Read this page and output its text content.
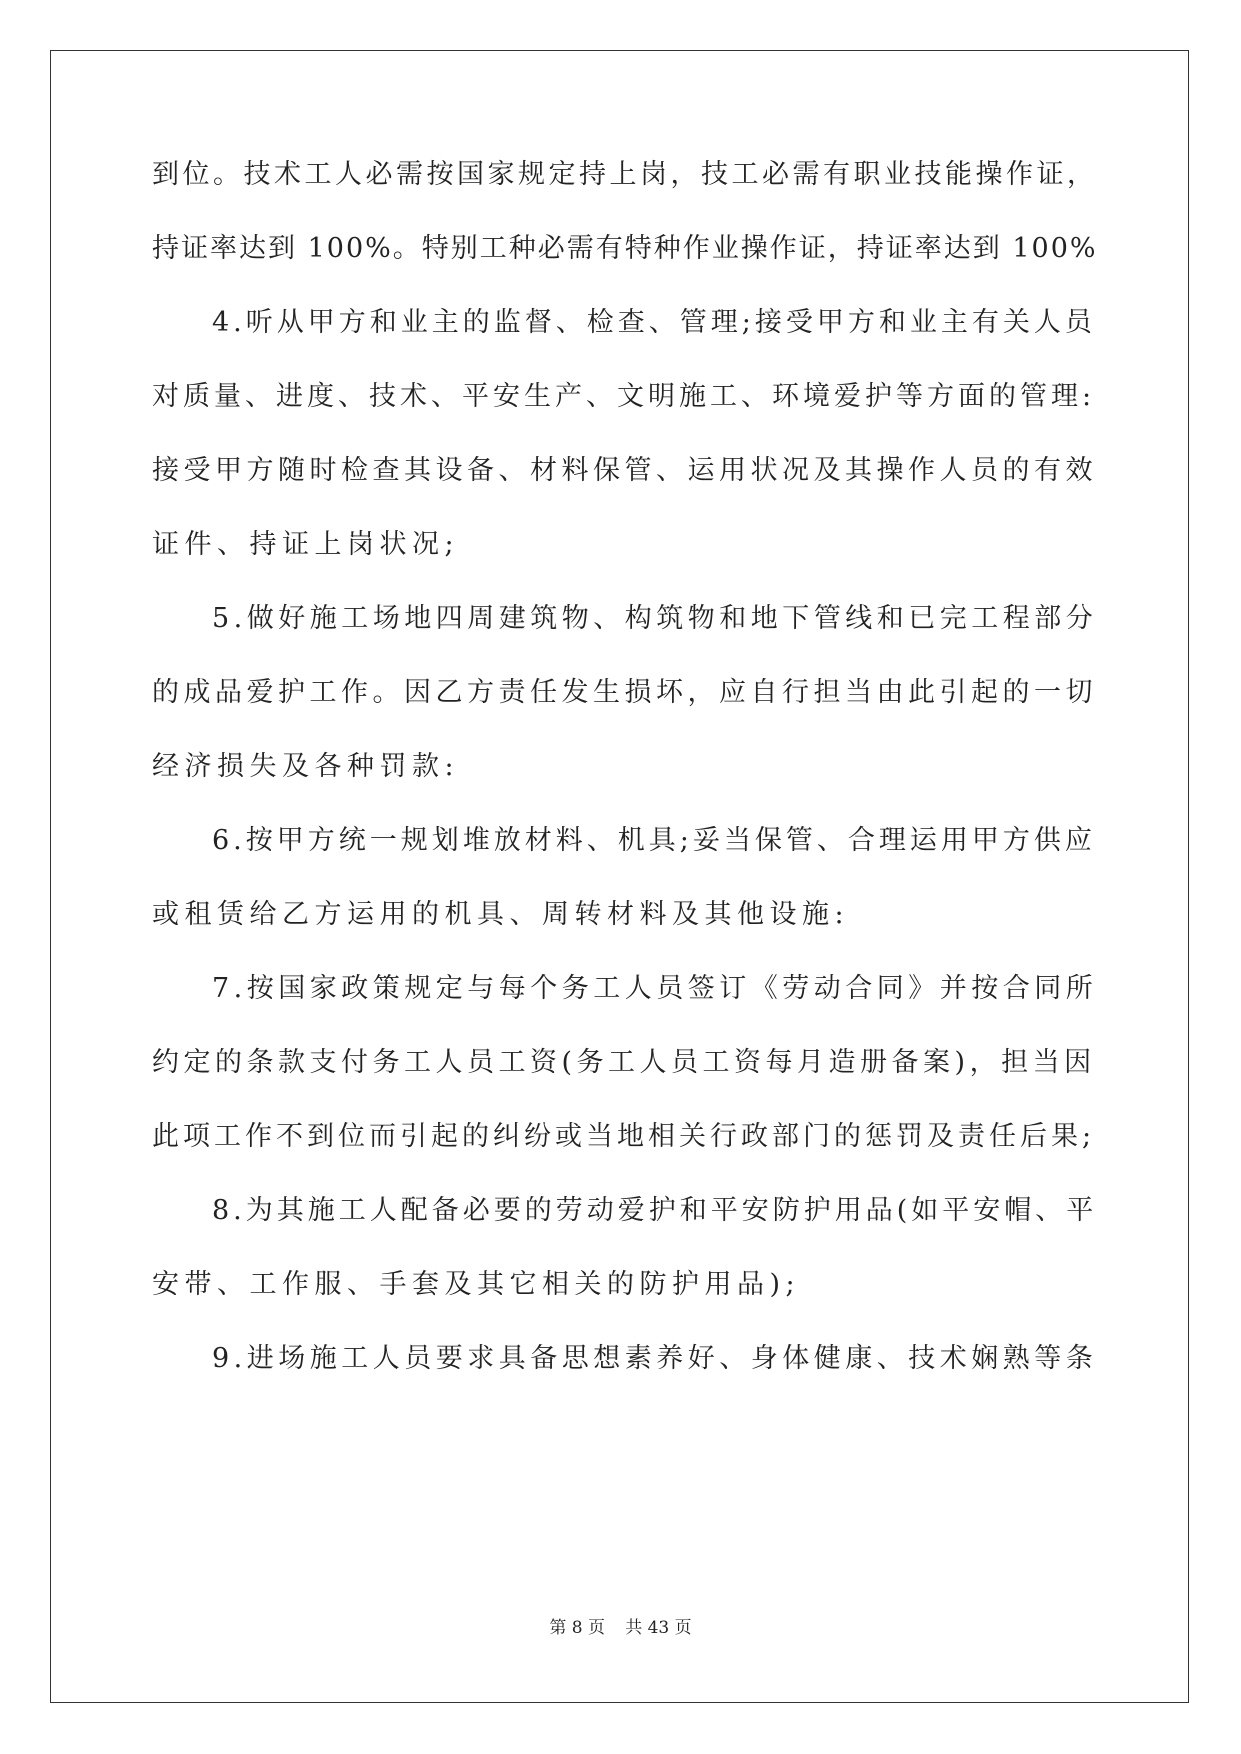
到位。技术工人必需按国家规定持上岗，技工必需有职业技能操作证，
持证率达到 100%。特别工种必需有特种作业操作证，持证率达到 100%
4.听从甲方和业主的监督、检查、管理;接受甲方和业主有关人员
对质量、进度、技术、平安生产、文明施工、环境爱护等方面的管理:
接受甲方随时检查其设备、材料保管、运用状况及其操作人员的有效
证件、持证上岗状况;
5.做好施工场地四周建筑物、构筑物和地下管线和已完工程部分
的成品爱护工作。因乙方责任发生损坏，应自行担当由此引起的一切
经济损失及各种罚款:
6.按甲方统一规划堆放材料、机具;妥当保管、合理运用甲方供应
或租赁给乙方运用的机具、周转材料及其他设施:
7.按国家政策规定与每个务工人员签订《劳动合同》并按合同所
约定的条款支付务工人员工资(务工人员工资每月造册备案)，担当因
此项工作不到位而引起的纠纷或当地相关行政部门的惩罚及责任后果;
8.为其施工人配备必要的劳动爱护和平安防护用品(如平安帽、平
安带、工作服、手套及其它相关的防护用品);
9.进场施工人员要求具备思想素养好、身体健康、技术娴熟等条
第 8 页 共 43 页
